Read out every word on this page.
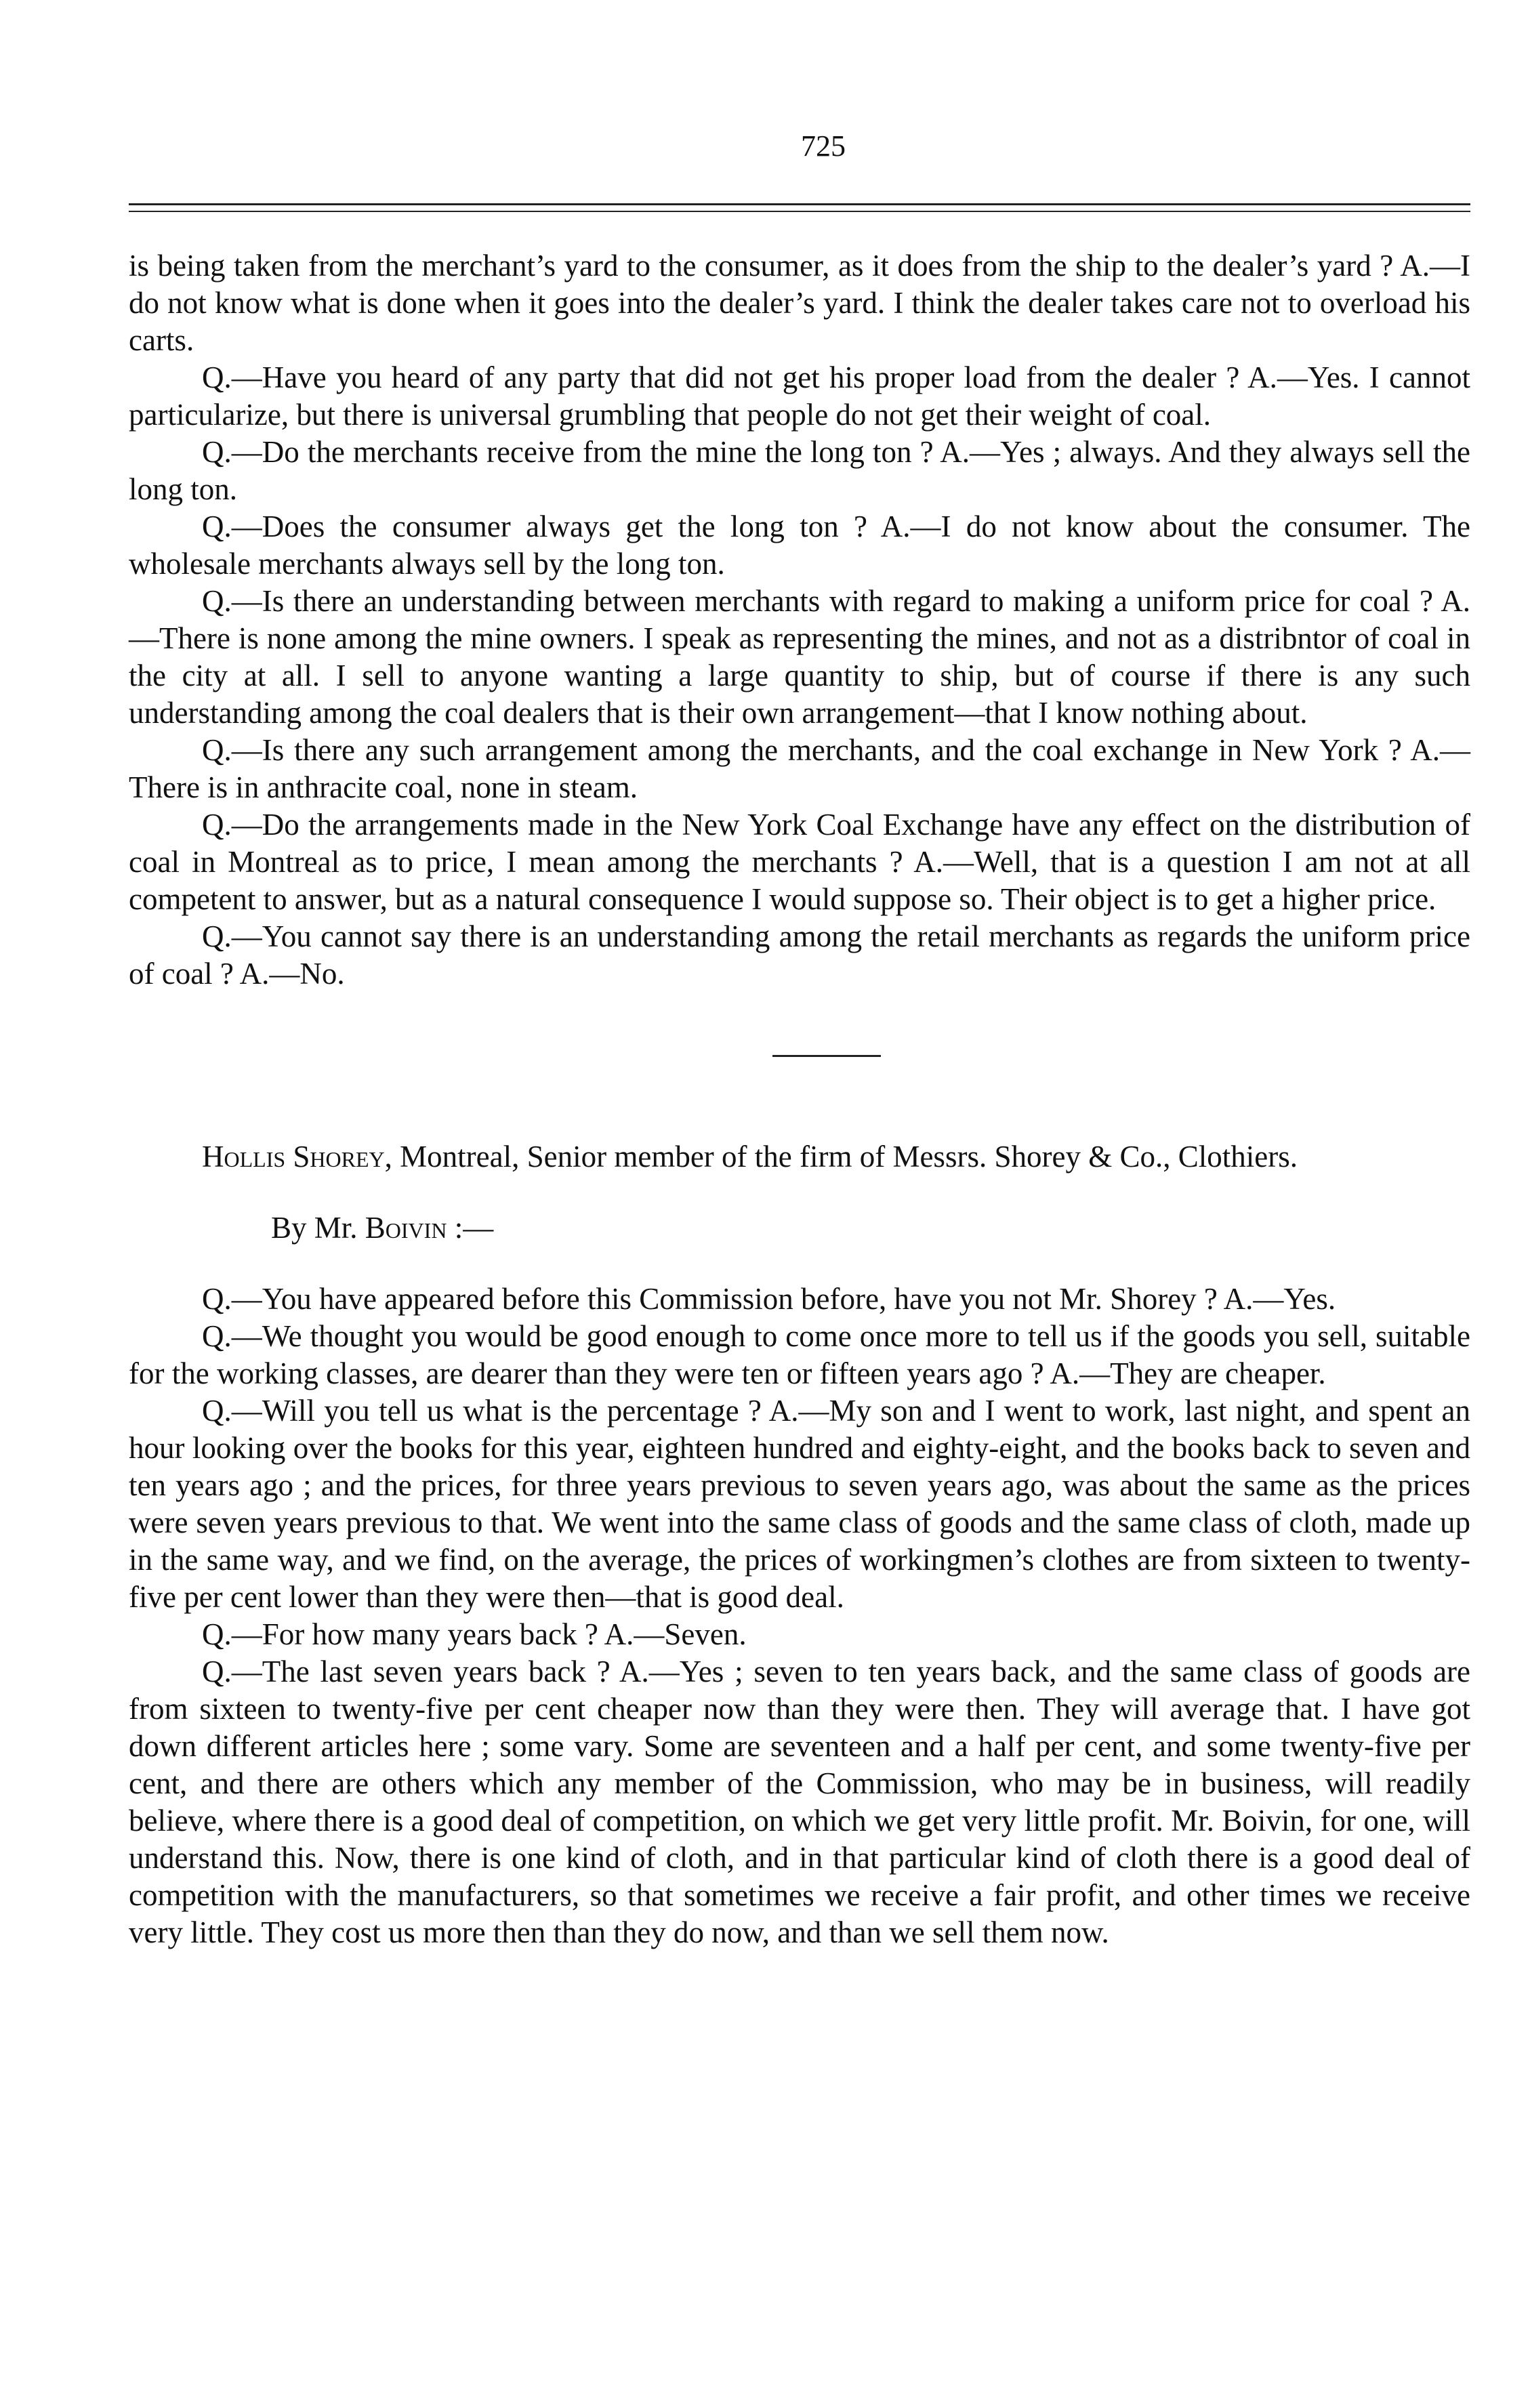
725

is being taken from the merchant’s yard to the consumer, as it does from the ship to the dealer’s yard ? A.—I do not know what is done when it goes into the dealer’s yard. I think the dealer takes care not to overload his carts.

Q.—Have you heard of any party that did not get his proper load from the dealer ? A.—Yes. I cannot particularize, but there is universal grumbling that people do not get their weight of coal.

Q.—Do the merchants receive from the mine the long ton ? A.—Yes ; always. And they always sell the long ton.

Q.—Does the consumer always get the long ton ? A.—I do not know about the consumer. The wholesale merchants always sell by the long ton.

Q.—Is there an understanding between merchants with regard to making a uniform price for coal ? A.—There is none among the mine owners. I speak as representing the mines, and not as a distribntor of coal in the city at all. I sell to anyone wanting a large quantity to ship, but of course if there is any such understanding among the coal dealers that is their own arrangement—that I know nothing about.

Q.—Is there any such arrangement among the merchants, and the coal exchange in New York ? A.—There is in anthracite coal, none in steam.

Q.—Do the arrangements made in the New York Coal Exchange have any effect on the distribution of coal in Montreal as to price, I mean among the merchants ? A.—Well, that is a question I am not at all competent to answer, but as a natural consequence I would suppose so. Their object is to get a higher price.

Q.—You cannot say there is an understanding among the retail merchants as regards the uniform price of coal ? A.—No.

Hollis Shorey, Montreal, Senior member of the firm of Messrs. Shorey & Co., Clothiers.

By Mr. Boivin :—

Q.—You have appeared before this Commission before, have you not Mr. Shorey ? A.—Yes.

Q.—We thought you would be good enough to come once more to tell us if the goods you sell, suitable for the working classes, are dearer than they were ten or fifteen years ago ? A.—They are cheaper.

Q.—Will you tell us what is the percentage ? A.—My son and I went to work, last night, and spent an hour looking over the books for this year, eighteen hundred and eighty-eight, and the books back to seven and ten years ago ; and the prices, for three years previous to seven years ago, was about the same as the prices were seven years previous to that. We went into the same class of goods and the same class of cloth, made up in the same way, and we find, on the average, the prices of workingmen’s clothes are from sixteen to twenty-five per cent lower than they were then—that is good deal.

Q.—For how many years back ? A.—Seven.

Q.—The last seven years back ? A.—Yes ; seven to ten years back, and the same class of goods are from sixteen to twenty-five per cent cheaper now than they were then. They will average that. I have got down different articles here ; some vary. Some are seventeen and a half per cent, and some twenty-five per cent, and there are others which any member of the Commission, who may be in business, will readily believe, where there is a good deal of competition, on which we get very little profit. Mr. Boivin, for one, will understand this. Now, there is one kind of cloth, and in that particular kind of cloth there is a good deal of competition with the manufacturers, so that sometimes we receive a fair profit, and other times we receive very little. They cost us more then than they do now, and than we sell them now.
